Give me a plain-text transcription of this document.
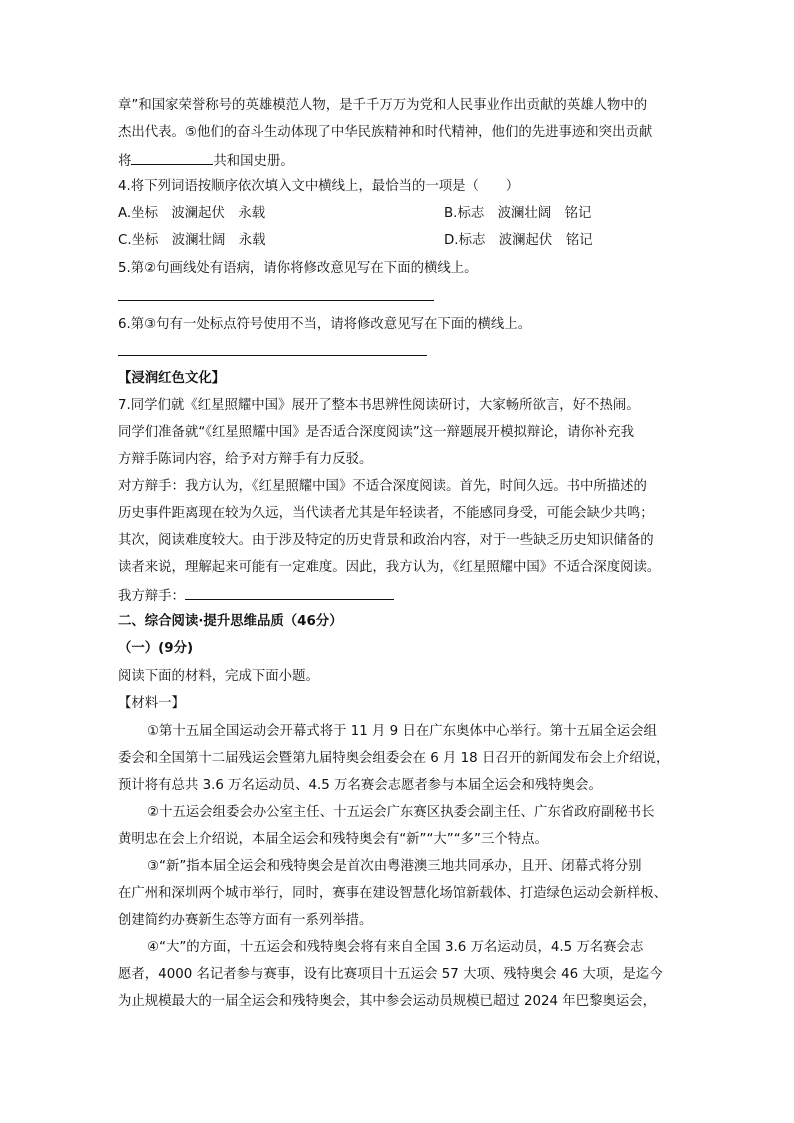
章”和国家荣誉称号的英雄模范人物，是千千万万为党和人民事业作出贡献的英雄人物中的
杰出代表。⑤他们的奋斗生动体现了中华民族精神和时代精神，他们的先进事迹和突出贡献
将	共和国史册。
4.将下列词语按顺序依次填入文中横线上，最恰当的一项是（　　）
A.坐标　波澜起伏　永载	B.标志　波澜壮阔　铭记
C.坐标　波澜壮阔　永载	D.标志　波澜起伏　铭记
5.第②句画线处有语病，请你将修改意见写在下面的横线上。
6.第③句有一处标点符号使用不当，请将修改意见写在下面的横线上。
【浸润红色文化】
7.同学们就《红星照耀中国》展开了整本书思辨性阅读研讨，大家畅所欲言，好不热闹。
同学们准备就“《红星照耀中国》是否适合深度阅读”这一辩题展开模拟辩论，请你补充我
方辩手陈词内容，给予对方辩手有力反驳。
对方辩手：我方认为，《红星照耀中国》不适合深度阅读。首先，时间久远。书中所描述的
历史事件距离现在较为久远，当代读者尤其是年轻读者，不能感同身受，可能会缺少共鸣；
其次，阅读难度较大。由于涉及特定的历史背景和政治内容，对于一些缺乏历史知识储备的
读者来说，理解起来可能有一定难度。因此，我方认为，《红星照耀中国》不适合深度阅读。
我方辩手：
二、综合阅读·提升思维品质（46分）
（一）(9分)
阅读下面的材料，完成下面小题。
【材料一】
①第十五届全国运动会开幕式将于 11 月 9 日在广东奥体中心举行。第十五届全运会组
委会和全国第十二届残运会暨第九届特奥会组委会在 6 月 18 日召开的新闻发布会上介绍说，
预计将有总共 3.6 万名运动员、4.5 万名赛会志愿者参与本届全运会和残特奥会。
②十五运会组委会办公室主任、十五运会广东赛区执委会副主任、广东省政府副秘书长
黄明忠在会上介绍说，本届全运会和残特奥会有“新”“大”“多”三个特点。
③“新”指本届全运会和残特奥会是首次由粤港澳三地共同承办，且开、闭幕式将分别
在广州和深圳两个城市举行，同时，赛事在建设智慧化场馆新载体、打造绿色运动会新样板、
创建简约办赛新生态等方面有一系列举措。
④“大”的方面，十五运会和残特奥会将有来自全国 3.6 万名运动员，4.5 万名赛会志
愿者，4000 名记者参与赛事，设有比赛项目十五运会 57 大项、残特奥会 46 大项，是迄今
为止规模最大的一届全运会和残特奥会，其中参会运动员规模已超过 2024 年巴黎奥运会，
